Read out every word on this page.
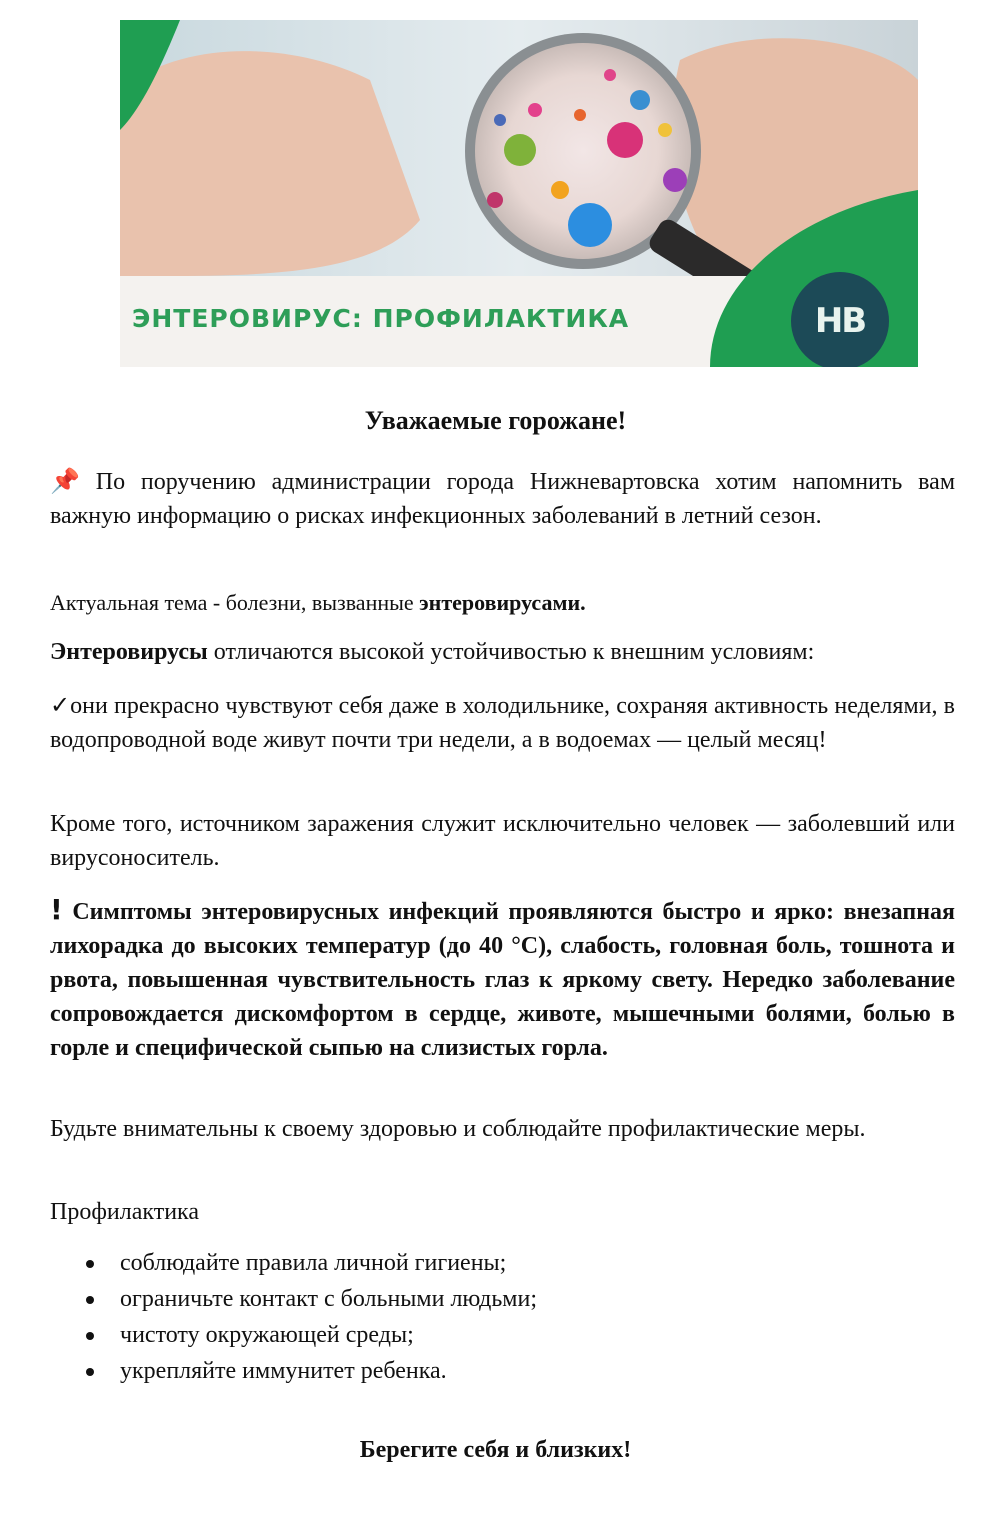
ЭНТЕРОВИРУС: ПРОФИЛАКТИКА	НВ
Уважаемые горожане!

📌 По поручению администрации города Нижневартовска хотим напомнить вам важную информацию о рисках инфекционных заболеваний в летний сезон.

Актуальная тема - болезни, вызванные энтеровирусами.

Энтеровирусы отличаются высокой устойчивостью к внешним условиям:

✓они прекрасно чувствуют себя даже в холодильнике, сохраняя активность неделями, в водопроводной воде живут почти три недели, а в водоемах — целый месяц!

Кроме того, источником заражения служит исключительно человек — заболевший или вирусоноситель.

! Симптомы энтеровирусных инфекций проявляются быстро и ярко: внезапная лихорадка до высоких температур (до 40 °C), слабость, головная боль, тошнота и рвота, повышенная чувствительность глаз к яркому свету. Нередко заболевание сопровождается дискомфортом в сердце, животе, мышечными болями, болью в горле и специфической сыпью на слизистых горла.

Будьте внимательны к своему здоровью и соблюдайте профилактические меры.

Профилактика

соблюдайте правила личной гигиены;
ограничьте контакт с больными людьми;
чистоту окружающей среды;
укрепляйте иммунитет ребенка.
Берегите себя и близких!
